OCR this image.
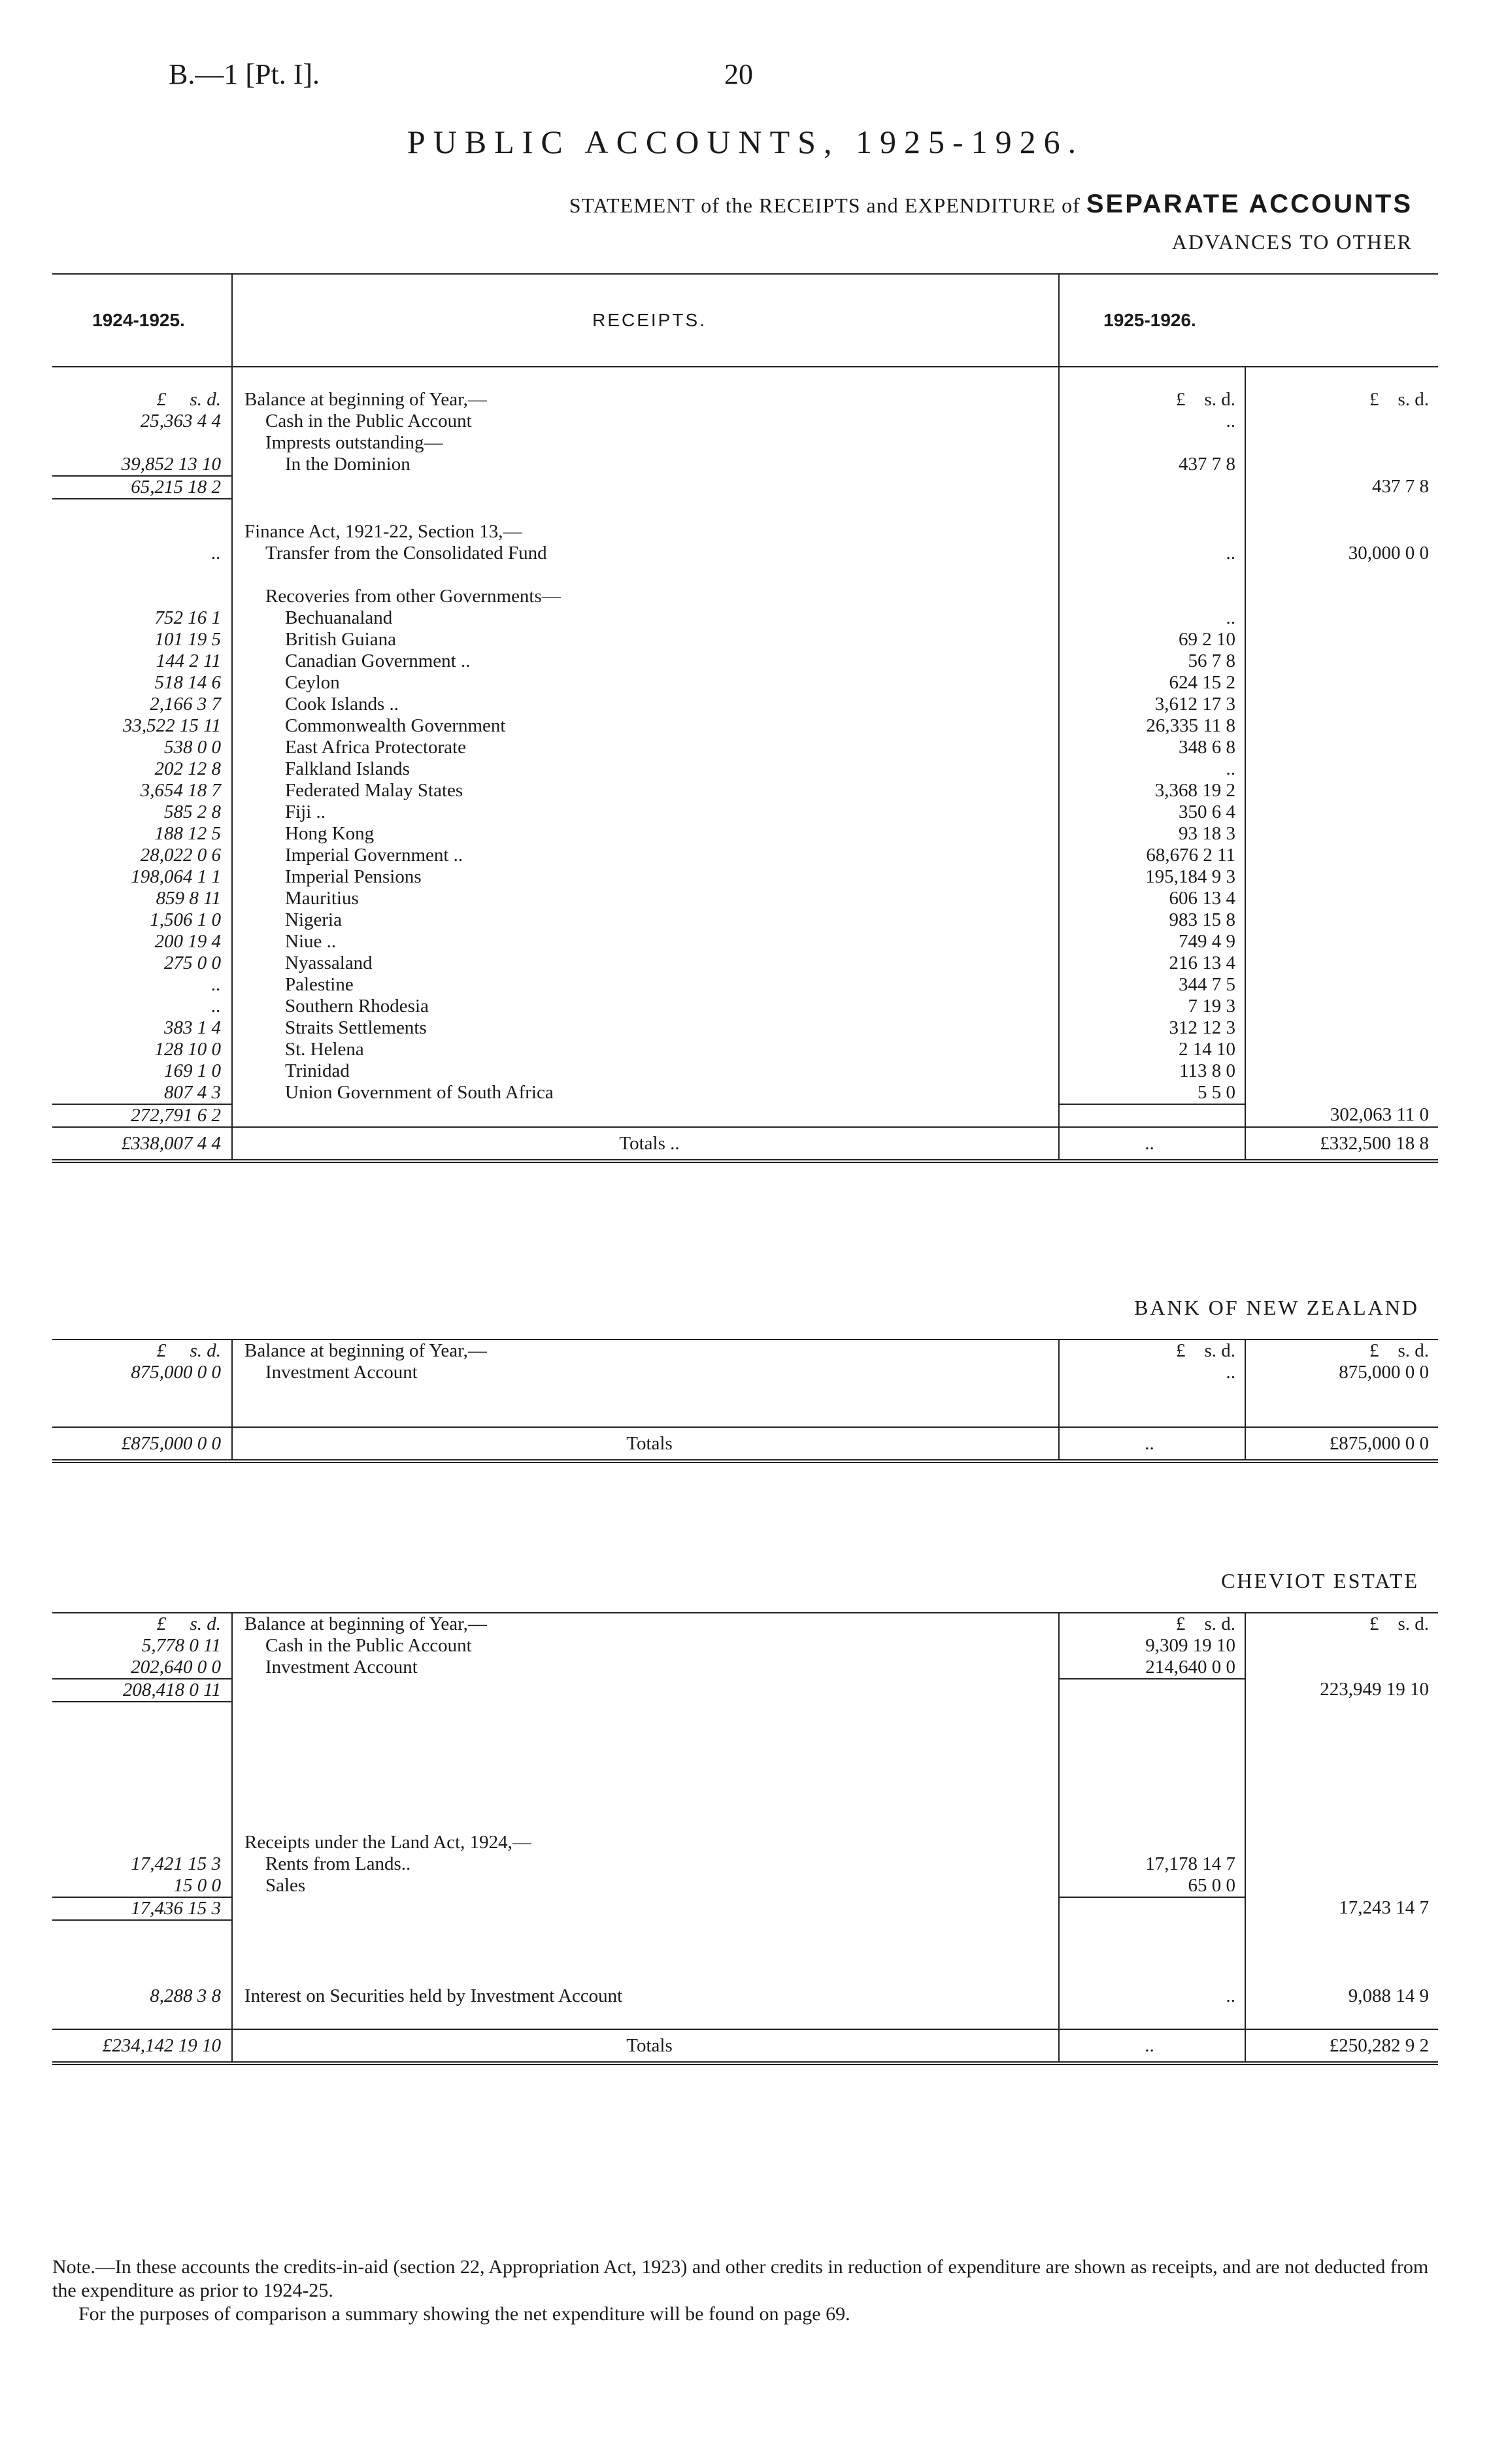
B.—1 [Pt. I].	20
PUBLIC ACCOUNTS, 1925-1926.
STATEMENT of the RECEIPTS and EXPENDITURE of SEPARATE ACCOUNTS
ADVANCES TO OTHER
1924-1925.	RECEIPTS.	1925-1926.	

£ s. d.	Balance at beginning of Year,—	£ s. d.	£ s. d.
25,363 4 4	Cash in the Public Account	..	
	Imprests outstanding—		
39,852 13 10	In the Dominion	437 7 8	
65,215 18 2			437 7 8

	Finance Act, 1921-22, Section 13,—		
..	Transfer from the Consolidated Fund	..	30,000 0 0

	Recoveries from other Governments—		
752 16 1	Bechuanaland	..	
101 19 5	British Guiana	69 2 10	
144 2 11	Canadian Government ..	56 7 8	
518 14 6	Ceylon	624 15 2	
2,166 3 7	Cook Islands ..	3,612 17 3	
33,522 15 11	Commonwealth Government	26,335 11 8	
538 0 0	East Africa Protectorate	348 6 8	
202 12 8	Falkland Islands	..	
3,654 18 7	Federated Malay States	3,368 19 2	
585 2 8	Fiji ..	350 6 4	
188 12 5	Hong Kong	93 18 3	
28,022 0 6	Imperial Government ..	68,676 2 11	
198,064 1 1	Imperial Pensions	195,184 9 3	
859 8 11	Mauritius	606 13 4	
1,506 1 0	Nigeria	983 15 8	
200 19 4	Niue ..	749 4 9	
275 0 0	Nyassaland	216 13 4	
..	Palestine	344 7 5	
..	Southern Rhodesia	7 19 3	
383 1 4	Straits Settlements	312 12 3	
128 10 0	St. Helena	2 14 10	
169 1 0	Trinidad	113 8 0	
807 4 3	Union Government of South Africa	5 5 0	
272,791 6 2			302,063 11 0
£338,007 4 4	Totals ..	..	£332,500 18 8
BANK OF NEW ZEALAND
£ s. d.	Balance at beginning of Year,—	£ s. d.	£ s. d.
875,000 0 0	Investment Account	..	875,000 0 0

£875,000 0 0	Totals	..	£875,000 0 0
CHEVIOT ESTATE
£ s. d.	Balance at beginning of Year,—	£ s. d.	£ s. d.
5,778 0 11	Cash in the Public Account	9,309 19 10	
202,640 0 0	Investment Account	214,640 0 0	
208,418 0 11			223,949 19 10

	Receipts under the Land Act, 1924,—		
17,421 15 3	Rents from Lands..	17,178 14 7	
15 0 0	Sales	65 0 0	
17,436 15 3			17,243 14 7

8,288 3 8	Interest on Securities held by Investment Account	..	9,088 14 9

£234,142 19 10	Totals	..	£250,282 9 2

Note.—In these accounts the credits-in-aid (section 22, Appropriation Act, 1923) and other credits in reduction of expenditure are shown as receipts, and are not deducted from the expenditure as prior to 1924-25.

For the purposes of comparison a summary showing the net expenditure will be found on page 69.
